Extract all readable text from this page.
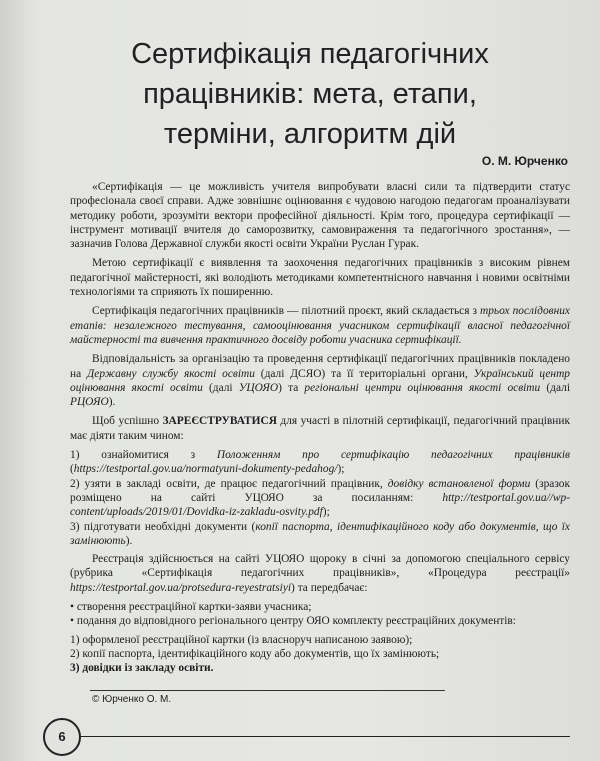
Сертифікація педагогічних
працівників: мета, етапи,
терміни, алгоритм дій
О. М. Юрченко

«Сертифікація — це можливість учителя випробувати власні сили та підтвердити статус професіонала своєї справи. Адже зовнішнє оцінювання є чудовою нагодою педагогам проаналізувати методику роботи, зрозуміти вектори професійної діяльності. Крім того, процедура сертифікації — інструмент мотивації вчителя до саморозвитку, самовираження та педагогічного зростання», — зазначив Голова Державної служби якості освіти України Руслан Гурак.

Метою сертифікації є виявлення та заохочення педагогічних працівників з високим рівнем педагогічної майстерності, які володіють методиками компетентнісного навчання і новими освітніми технологіями та сприяють їх поширенню.

Сертифікація педагогічних працівників — пілотний проєкт, який складається з трьох послідовних етапів: незалежного тестування, самооцінювання учасником сертифікації власної педагогічної майстерності та вивчення практичного досвіду роботи учасника сертифікації.

Відповідальність за організацію та проведення сертифікації педагогічних працівників покладено на Державну службу якості освіти (далі ДСЯО) та її територіальні органи, Український центр оцінювання якості освіти (далі УЦОЯО) та регіональні центри оцінювання якості освіти (далі РЦОЯО).

Щоб успішно ЗАРЕЄСТРУВАТИСЯ для участі в пілотній сертифікації, педагогічний працівник має діяти таким чином:

1) ознайомитися з Положенням про сертифікацію педагогічних працівників (https://testportal.gov.ua/normatyuni-dokumenty-pedahog/);
2) узяти в закладі освіти, де працює педагогічний працівник, довідку встановленої форми (зразок розміщено на сайті УЦОЯО за посиланням: http://testportal.gov.ua//wp-content/uploads/2019/01/Dovidka-iz-zakladu-osvity.pdf);
3) підготувати необхідні документи (копії паспорта, ідентифікаційного коду або документів, що їх замінюють).

Реєстрація здійснюється на сайті УЦОЯО щороку в січні за допомогою спеціального сервісу (рубрика «Сертифікація педагогічних працівників», «Процедура реєстрації» https://testportal.gov.ua/protsedura-reyestratsiyi) та передбачає:

• створення реєстраційної картки-заяви учасника;
• подання до відповідного регіонального центру ОЯО комплекту реєстраційних документів:
1) оформленої реєстраційної картки (із власноруч написаною заявою);
2) копії паспорта, ідентифікаційного коду або документів, що їх замінюють;
3) довідки із закладу освіти.
© Юрченко О. М.
6
